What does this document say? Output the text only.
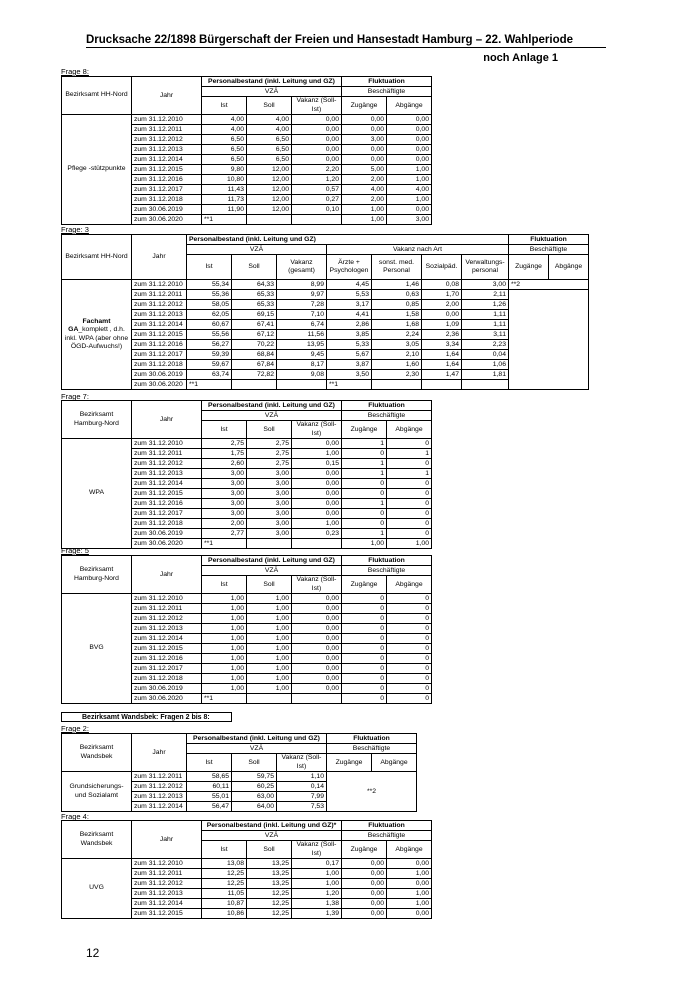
Drucksache 22/1898 Bürgerschaft der Freien und Hansestadt Hamburg – 22. Wahlperiode
noch Anlage 1
Frage 8:
Bezirksamt HH-Nord	Jahr	Personalbestand (inkl. Leitung und GZ)			Fluktuation	
		VZÄ			Beschäftigte	
		Ist	Soll	Vakanz (Soll-Ist)	Zugänge	Abgänge
Pflege -stützpunkte	zum 31.12.2010	4,00	4,00	0,00	0,00	0,00
	zum 31.12.2011	4,00	4,00	0,00	0,00	0,00
	zum 31.12.2012	6,50	6,50	0,00	3,00	0,00
	zum 31.12.2013	6,50	6,50	0,00	0,00	0,00
	zum 31.12.2014	6,50	6,50	0,00	0,00	0,00
	zum 31.12.2015	9,80	12,00	2,20	5,00	1,00
	zum 31.12.2016	10,80	12,00	1,20	2,00	1,00
	zum 31.12.2017	11,43	12,00	0,57	4,00	4,00
	zum 31.12.2018	11,73	12,00	0,27	2,00	1,00
	zum 30.06.2019	11,90	12,00	0,10	1,00	0,00
	zum 30.06.2020	**1			1,00	3,00
Frage: 3
Bezirksamt HH-Nord	Jahr	Personalbestand (inkl. Leitung und GZ)							Fluktuation	
		VZÄ			Vakanz nach Art				Beschäftigte	
		Ist	Soll	Vakanz (gesamt)	Ärzte + Psychologen	sonst. med. Personal	Sozialpäd.	Verwaltungs-personal	Zugänge	Abgänge
Fachamt GA_komplett , d.h. inkl. WPA (aber ohne ÖGD-Aufwuchs!)	zum 31.12.2010	55,34	64,33	8,99	4,45	1,46	0,08	3,00	**2	
	zum 31.12.2011	55,36	65,33	9,97	5,53	0,63	1,70	2,11		
	zum 31.12.2012	58,05	65,33	7,28	3,17	0,85	2,00	1,26		
	zum 31.12.2013	62,05	69,15	7,10	4,41	1,58	0,00	1,11		
	zum 31.12.2014	60,67	67,41	6,74	2,86	1,68	1,09	1,11		
	zum 31.12.2015	55,56	67,12	11,56	3,85	2,24	2,36	3,11		
	zum 31.12.2016	56,27	70,22	13,95	5,33	3,05	3,34	2,23		
	zum 31.12.2017	59,39	68,84	9,45	5,67	2,10	1,64	0,04		
	zum 31.12.2018	59,67	67,84	8,17	3,87	1,60	1,64	1,06		
	zum 30.06.2019	63,74	72,82	9,08	3,50	2,30	1,47	1,81		
	zum 30.06.2020	**1			**1					
Frage 7:
Bezirksamt Hamburg-Nord	Jahr	Personalbestand (inkl. Leitung und GZ)			Fluktuation	
		VZÄ			Beschäftigte	
		Ist	Soll	Vakanz (Soll-Ist)	Zugänge	Abgänge
WPA	zum 31.12.2010	2,75	2,75	0,00	1	0
	zum 31.12.2011	1,75	2,75	1,00	0	1
	zum 31.12.2012	2,60	2,75	0,15	1	0
	zum 31.12.2013	3,00	3,00	0,00	1	1
	zum 31.12.2014	3,00	3,00	0,00	0	0
	zum 31.12.2015	3,00	3,00	0,00	0	0
	zum 31.12.2016	3,00	3,00	0,00	1	0
	zum 31.12.2017	3,00	3,00	0,00	0	0
	zum 31.12.2018	2,00	3,00	1,00	0	0
	zum 30.06.2019	2,77	3,00	0,23	1	0
	zum 30.06.2020	**1			1,00	1,00
Frage: 5
Bezirksamt Hamburg-Nord	Jahr	Personalbestand (inkl. Leitung und GZ)			Fluktuation	
		VZÄ			Beschäftigte	
		Ist	Soll	Vakanz (Soll-Ist)	Zugänge	Abgänge
BVG	zum 31.12.2010	1,00	1,00	0,00	0	0
	zum 31.12.2011	1,00	1,00	0,00	0	0
	zum 31.12.2012	1,00	1,00	0,00	0	0
	zum 31.12.2013	1,00	1,00	0,00	0	0
	zum 31.12.2014	1,00	1,00	0,00	0	0
	zum 31.12.2015	1,00	1,00	0,00	0	0
	zum 31.12.2016	1,00	1,00	0,00	0	0
	zum 31.12.2017	1,00	1,00	0,00	0	0
	zum 31.12.2018	1,00	1,00	0,00	0	0
	zum 30.06.2019	1,00	1,00	0,00	0	0
	zum 30.06.2020	**1			0	0
Frage 2:
Bezirksamt Wandsbek	Jahr	Personalbestand (inkl. Leitung und GZ)			Fluktuation	
		VZÄ			Beschäftigte	
		Ist	Soll	Vakanz (Soll-Ist)	Zugänge	Abgänge
Grundsicherungs- und Sozialamt	zum 31.12.2011	58,65	59,75	1,10	**2	
	zum 31.12.2012	60,11	60,25	0,14		
	zum 31.12.2013	55,01	63,00	7,99		
	zum 31.12.2014	56,47	64,00	7,53		
Frage 4:
Bezirksamt Wandsbek	Jahr	Personalbestand (inkl. Leitung und GZ)*			Fluktuation	
		VZÄ			Beschäftigte	
		Ist	Soll	Vakanz (Soll-Ist)	Zugänge	Abgänge
UVG	zum 31.12.2010	13,08	13,25	0,17	0,00	0,00
	zum 31.12.2011	12,25	13,25	1,00	0,00	1,00
	zum 31.12.2012	12,25	13,25	1,00	0,00	0,00
	zum 31.12.2013	11,05	12,25	1,20	0,00	1,00
	zum 31.12.2014	10,87	12,25	1,38	0,00	1,00
	zum 31.12.2015	10,86	12,25	1,39	0,00	0,00
Bezirksamt Wandsbek: Fragen 2 bis 8:
12
